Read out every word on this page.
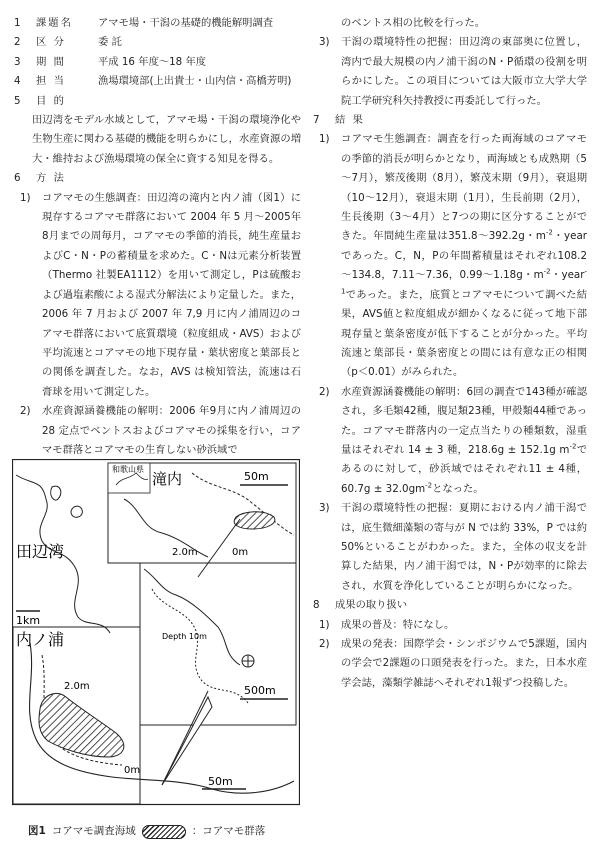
1	課題名	アマモ場・干潟の基礎的機能解明調査
2	区 分	委 託
3	期 間	平成 16 年度～18 年度
4	担 当	漁場環境部(上出貴士・山内信・高橋芳明)
5	目 的
田辺湾をモデル水域として，アマモ場・干潟の環境浄化や生物生産に関わる基礎的機能を明らかにし，水産資源の増大・維持および漁場環境の保全に資する知見を得る。
6	方 法
1)	コアマモの生態調査：田辺湾の滝内と内ノ浦（図1）に現存するコアマモ群落において 2004 年 5 月～2005年8月までの周毎月，コアマモの季節的消長，純生産量およびC・N・Pの蓄積量を求めた。C・Nは元素分析装置（Thermo 社製EA1112）を用いて測定し，Pは硫酸および過塩素酸による湿式分解法により定量した。また，2006 年 7 月および 2007 年 7,9 月に内ノ浦周辺のコアマモ群落において底質環境（粒度組成・AVS）および平均流速とコアマモの地下現存量・葉状密度と葉部長との関係を調査した。なお，AVS は検知管法，流速は石膏球を用いて測定した。
2)	水産資源涵養機能の解明：2006 年9月に内ノ浦周辺の 28 定点でベントスおよびコアマモの採集を行い，コアマモ群落とコアマモの生育しない砂浜域で
のベントス相の比較を行った。
3)	干潟の環境特性の把握：田辺湾の東部奥に位置し，湾内で最大規模の内ノ浦干潟のN・P循環の役割を明らかにした。この項目については大阪市立大学大学院工学研究科矢持教授に再委託して行った。
7	結 果
1)	コアマモ生態調査：調査を行った両海域のコアマモの季節的消長が明らかとなり，両海域とも成熟期（5～7月），繁茂後期（8月），繁茂末期（9月），衰退期（10～12月），衰退末期（1月），生長前期（2月），生長後期（3～4月）と7つの期に区分することができた。年間純生産量は351.8～392.2g・$m^{-2}$・year であった。C，N，Pの年間蓄積量はそれぞれ108.2～134.8，7.11～7.36，0.99～1.18g・$m^{-2}$・year$^{-1}$であった。また，底質とコアマモについて調べた結果，AVS値と粒度組成が細かくなるに従って地下部現存量と葉条密度が低下することが分かった。平均流速と葉部長・葉条密度との間には有意な正の相関（p＜0.01）がみられた。
2)	水産資源涵養機能の解明：6回の調査で143種が確認され，多毛類42種，腹足類23種，甲殻類44種であった。コアマモ群落内の一定点当たりの種類数，湿重量はそれぞれ 14 ± 3 種，218.6g ± 152.1g $m^{-2}$であるのに対して，砂浜域ではそれぞれ11 ± 4種，$60.7g \pm 32.0gm^{-2}$となった。
3)	干潟の環境特性の把握：夏期における内ノ浦干潟では，底生微細藻類の寄与が N では約 33%，P では約50%といることがわかった。また，全体の収支を計算した結果，内ノ浦干潟では，N・Pが効率的に除去され，水質を浄化していることが明らかになった。
8	成果の取り扱い
1)	成果の普及：特になし。
2)	成果の発表：国際学会・シンポジウムで5課題，国内の学会で2課題の口頭発表を行った。また，日本水産学会誌，藻類学雑誌へそれぞれ1報ずつ投稿した。
和歌山県
滝内
田辺湾
内ノ浦
50m
2.0m	0m
1km
Depth 10m
500m
2.0m
0m
50m
図1 コアマモ調査海域	：コアマモ群落
